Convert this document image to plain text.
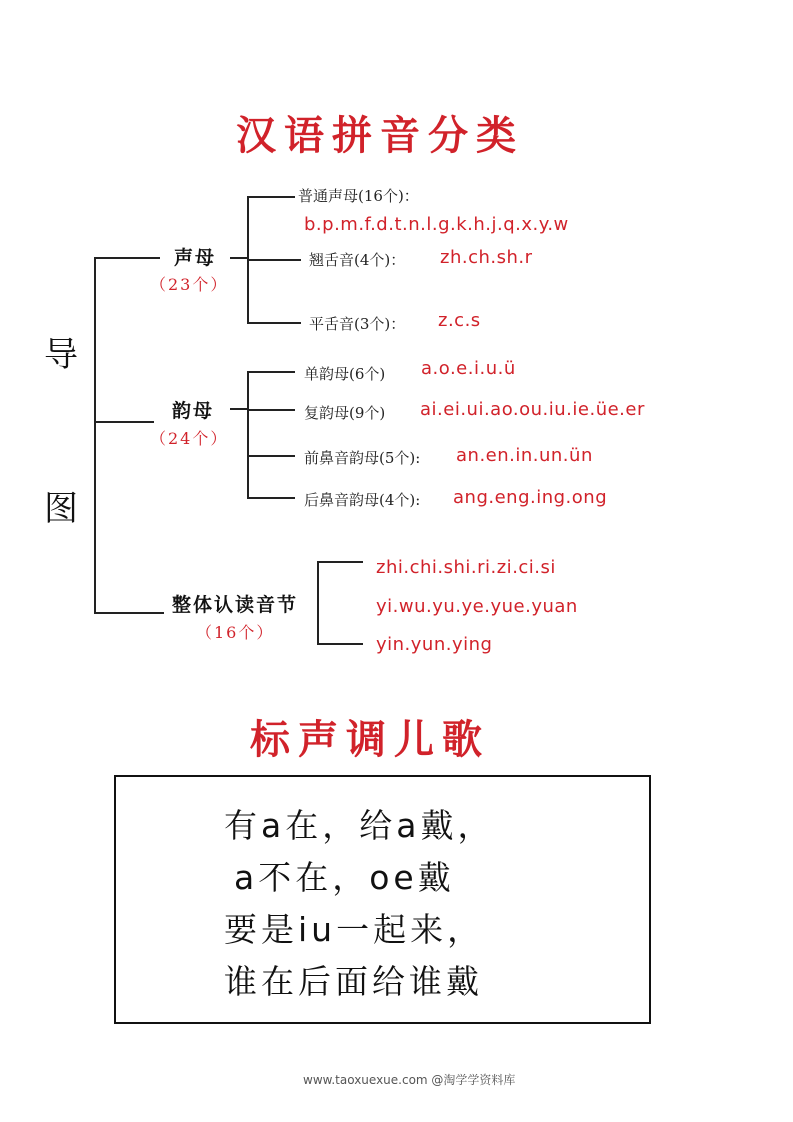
汉语拼音分类
导
图
声母
（23个）
普通声母(16个)：
b.p.m.f.d.t.n.l.g.k.h.j.q.x.y.w
翘舌音(4个)： zh.ch.sh.r
平舌音(3个)： z.c.s
韵母
（24个）
单韵母(6个) a.o.e.i.u.ü
复韵母(9个) ai.ei.ui.ao.ou.iu.ie.üe.er
前鼻音韵母(5个): an.en.in.un.ün
后鼻音韵母(4个): ang.eng.ing.ong
整体认读音节
（16个）
zhi.chi.shi.ri.zi.ci.si
yi.wu.yu.ye.yue.yuan
yin.yun.ying
标声调儿歌
有a在，给a戴，
a不在，oe戴
要是iu一起来，
谁在后面给谁戴
www.taoxuexue.com @淘学学资料库
